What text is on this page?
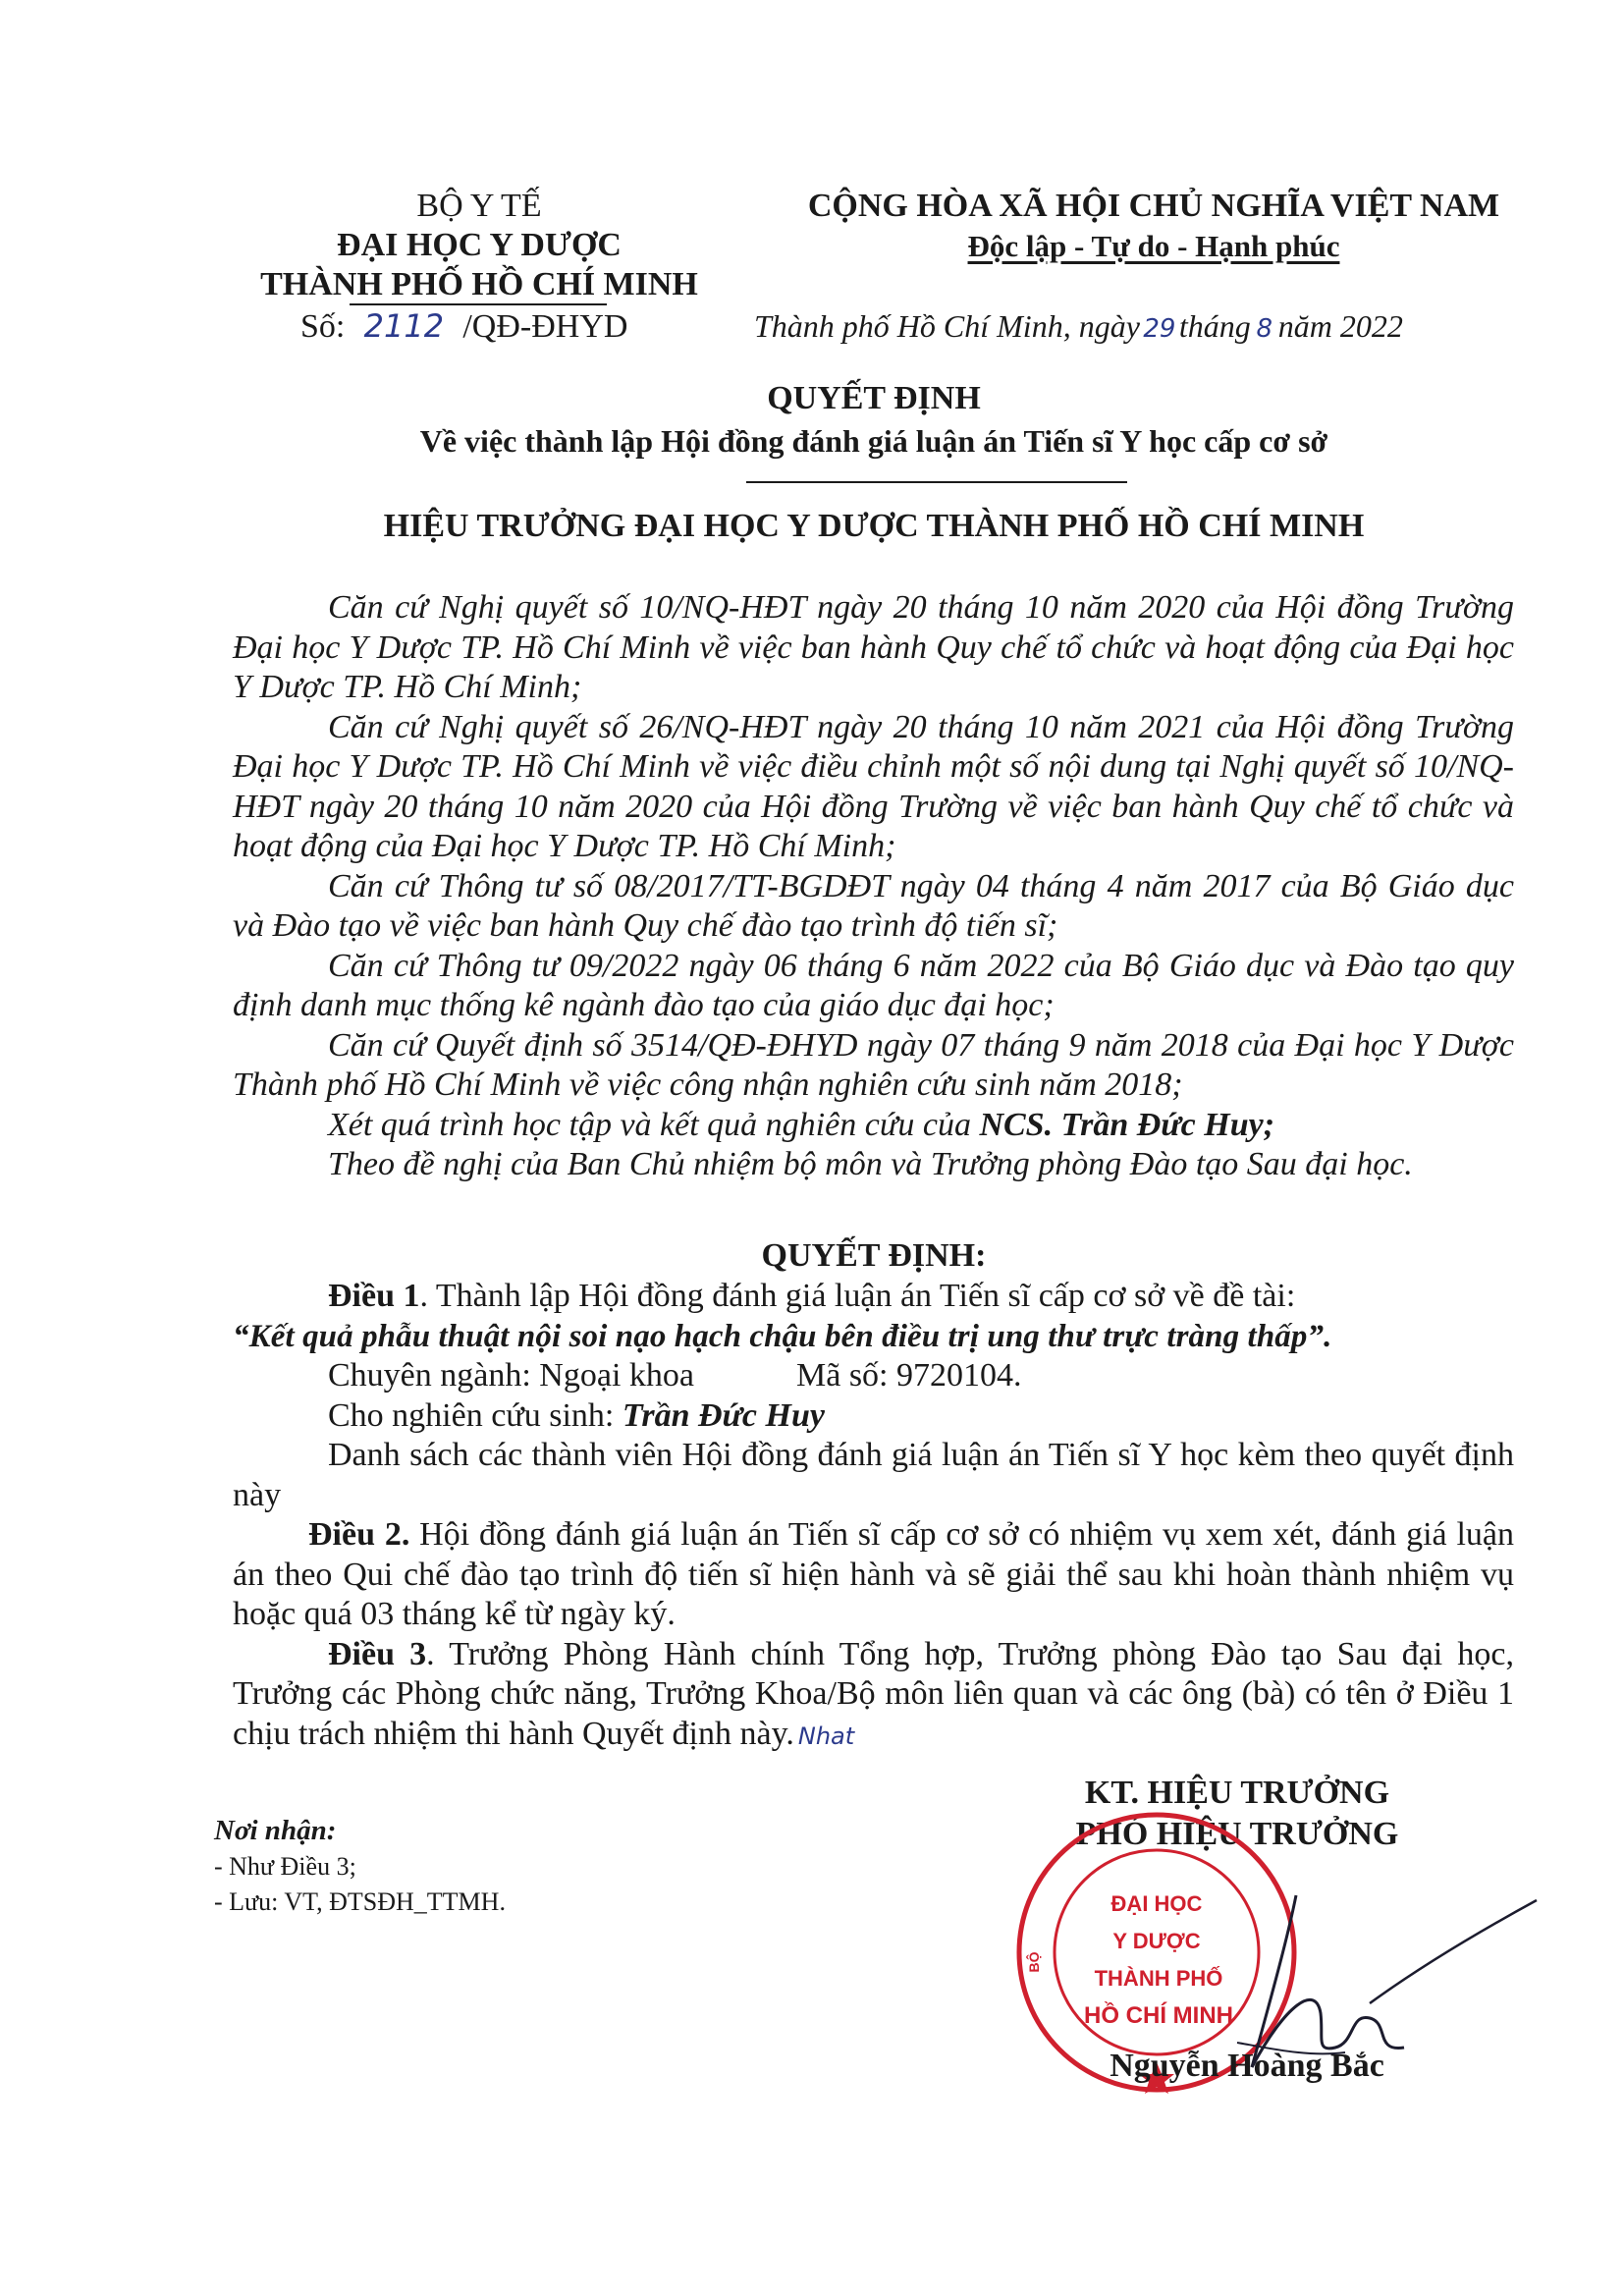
BỘ Y TẾ
ĐẠI HỌC Y DƯỢC
THÀNH PHỐ HỒ CHÍ MINH
Số: 2112 /QĐ-ĐHYD
CỘNG HÒA XÃ HỘI CHỦ NGHĨA VIỆT NAM
Độc lập - Tự do - Hạnh phúc
Thành phố Hồ Chí Minh, ngày 29 tháng 8 năm 2022
QUYẾT ĐỊNH
Về việc thành lập Hội đồng đánh giá luận án Tiến sĩ Y học cấp cơ sở
HIỆU TRƯỞNG ĐẠI HỌC Y DƯỢC THÀNH PHỐ HỒ CHÍ MINH
Căn cứ Nghị quyết số 10/NQ-HĐT ngày 20 tháng 10 năm 2020 của Hội đồng Trường Đại học Y Dược TP. Hồ Chí Minh về việc ban hành Quy chế tổ chức và hoạt động của Đại học Y Dược TP. Hồ Chí Minh;
Căn cứ Nghị quyết số 26/NQ-HĐT ngày 20 tháng 10 năm 2021 của Hội đồng Trường Đại học Y Dược TP. Hồ Chí Minh về việc điều chỉnh một số nội dung tại Nghị quyết số 10/NQ-HĐT ngày 20 tháng 10 năm 2020 của Hội đồng Trường về việc ban hành Quy chế tổ chức và hoạt động của Đại học Y Dược TP. Hồ Chí Minh;
Căn cứ Thông tư số 08/2017/TT-BGDĐT ngày 04 tháng 4 năm 2017 của Bộ Giáo dục và Đào tạo về việc ban hành Quy chế đào tạo trình độ tiến sĩ;
Căn cứ Thông tư 09/2022 ngày 06 tháng 6 năm 2022 của Bộ Giáo dục và Đào tạo quy định danh mục thống kê ngành đào tạo của giáo dục đại học;
Căn cứ Quyết định số 3514/QĐ-ĐHYD ngày 07 tháng 9 năm 2018 của Đại học Y Dược Thành phố Hồ Chí Minh về việc công nhận nghiên cứu sinh năm 2018;
Xét quá trình học tập và kết quả nghiên cứu của NCS. Trần Đức Huy;
Theo đề nghị của Ban Chủ nhiệm bộ môn và Trưởng phòng Đào tạo Sau đại học.
QUYẾT ĐỊNH:
Điều 1. Thành lập Hội đồng đánh giá luận án Tiến sĩ cấp cơ sở về đề tài:
“Kết quả phẫu thuật nội soi nạo hạch chậu bên điều trị ung thư trực tràng thấp”.
Chuyên ngành: Ngoại khoa	Mã số: 9720104.
Cho nghiên cứu sinh: Trần Đức Huy
Danh sách các thành viên Hội đồng đánh giá luận án Tiến sĩ Y học kèm theo quyết định này
Điều 2. Hội đồng đánh giá luận án Tiến sĩ cấp cơ sở có nhiệm vụ xem xét, đánh giá luận án theo Qui chế đào tạo trình độ tiến sĩ hiện hành và sẽ giải thể sau khi hoàn thành nhiệm vụ hoặc quá 03 tháng kể từ ngày ký.
Điều 3. Trưởng Phòng Hành chính Tổng hợp, Trưởng phòng Đào tạo Sau đại học, Trưởng các Phòng chức năng, Trưởng Khoa/Bộ môn liên quan và các ông (bà) có tên ở Điều 1 chịu trách nhiệm thi hành Quyết định này. Nhat
Nơi nhận:
- Như Điều 3;
- Lưu: VT, ĐTSĐH_TTMH.
KT. HIỆU TRƯỞNG
PHÓ HIỆU TRƯỞNG
ĐẠI HỌC
Y DƯỢC
THÀNH PHỐ
HỒ CHÍ MINH
BỘ
Nguyễn Hoàng Bắc
